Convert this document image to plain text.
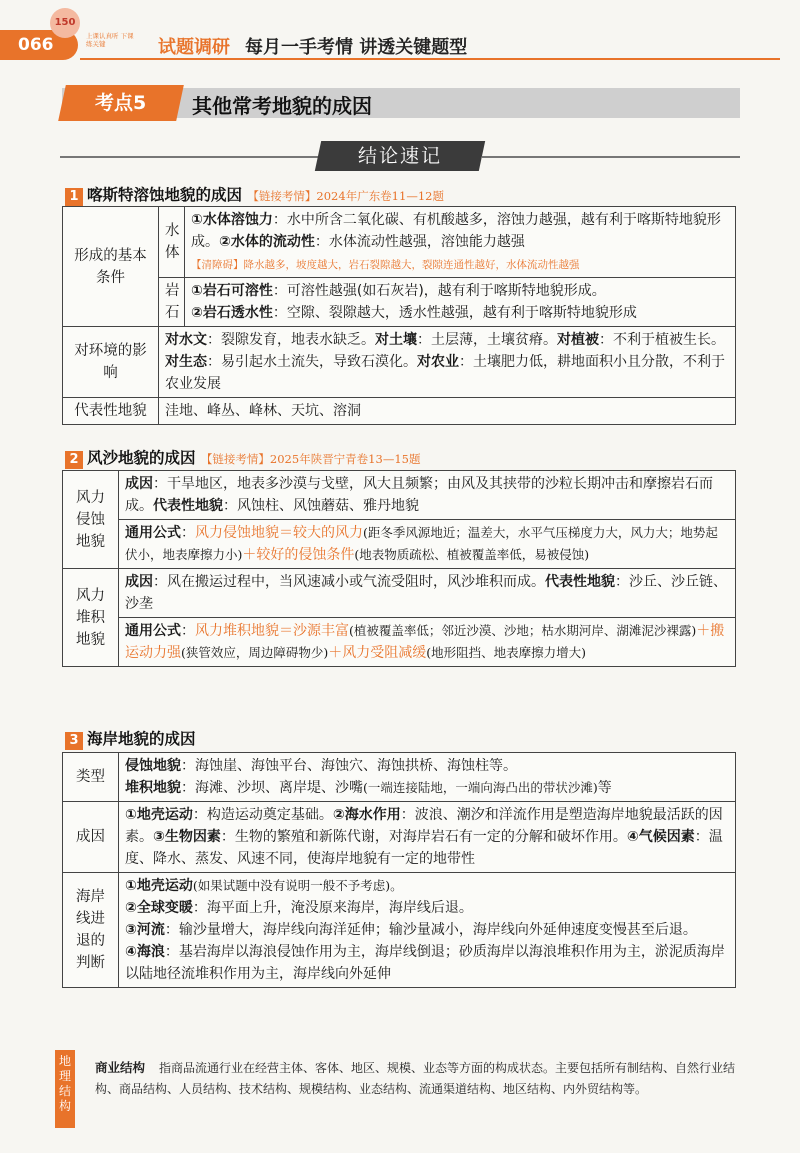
066
150
上课认真听 下课练关键	试题调研 每月一手考情 讲透关键题型
考点5	其他常考地貌的成因
结论速记
1 喀斯特溶蚀地貌的成因 【链接考情】2024年广东卷11—12题
形成的基本条件	水体	①水体溶蚀力：水中所含二氧化碳、有机酸越多，溶蚀力越强，越有利于喀斯特地貌形成。②水体的流动性：水体流动性越强，溶蚀能力越强
【清障碍】降水越多，坡度越大，岩石裂隙越大，裂隙连通性越好，水体流动性越强
	岩石	①岩石可溶性：可溶性越强(如石灰岩)，越有利于喀斯特地貌形成。
②岩石透水性：空隙、裂隙越大，透水性越强，越有利于喀斯特地貌形成
对环境的影响	对水文：裂隙发育，地表水缺乏。对土壤：土层薄，土壤贫瘠。对植被：不利于植被生长。对生态：易引起水土流失，导致石漠化。对农业：土壤肥力低，耕地面积小且分散，不利于农业发展	
代表性地貌	洼地、峰丛、峰林、天坑、溶洞	
2 风沙地貌的成因 【链接考情】2025年陕晋宁青卷13—15题
风力侵蚀地貌	成因：干旱地区，地表多沙漠与戈壁，风大且频繁；由风及其挟带的沙粒长期冲击和摩擦岩石而成。代表性地貌：风蚀柱、风蚀蘑菇、雅丹地貌
	通用公式：风力侵蚀地貌＝较大的风力(距冬季风源地近；温差大，水平气压梯度力大，风力大；地势起伏小，地表摩擦力小)＋较好的侵蚀条件(地表物质疏松、植被覆盖率低，易被侵蚀)
风力堆积地貌	成因：风在搬运过程中，当风速减小或气流受阻时，风沙堆积而成。代表性地貌：沙丘、沙丘链、沙垄
	通用公式：风力堆积地貌＝沙源丰富(植被覆盖率低；邻近沙漠、沙地；枯水期河岸、湖滩泥沙裸露)＋搬运动力强(狭管效应，周边障碍物少)＋风力受阻减缓(地形阻挡、地表摩擦力增大)
3 海岸地貌的成因
类型	侵蚀地貌：海蚀崖、海蚀平台、海蚀穴、海蚀拱桥、海蚀柱等。
堆积地貌：海滩、沙坝、离岸堤、沙嘴(一端连接陆地，一端向海凸出的带状沙滩)等
成因	①地壳运动：构造运动奠定基础。②海水作用：波浪、潮汐和洋流作用是塑造海岸地貌最活跃的因素。③生物因素：生物的繁殖和新陈代谢，对海岸岩石有一定的分解和破坏作用。④气候因素：温度、降水、蒸发、风速不同，使海岸地貌有一定的地带性
海岸线进退的判断	①地壳运动(如果试题中没有说明一般不予考虑)。
②全球变暖：海平面上升，淹没原来海岸，海岸线后退。
③河流：输沙量增大，海岸线向海洋延伸；输沙量减小，海岸线向外延伸速度变慢甚至后退。
④海浪：基岩海岸以海浪侵蚀作用为主，海岸线倒退；砂质海岸以海浪堆积作用为主，淤泥质海岸以陆地径流堆积作用为主，海岸线向外延伸
地理结构
商业结构 指商品流通行业在经营主体、客体、地区、规模、业态等方面的构成状态。主要包括所有制结构、自然行业结构、商品结构、人员结构、技术结构、规模结构、业态结构、流通渠道结构、地区结构、内外贸结构等。
